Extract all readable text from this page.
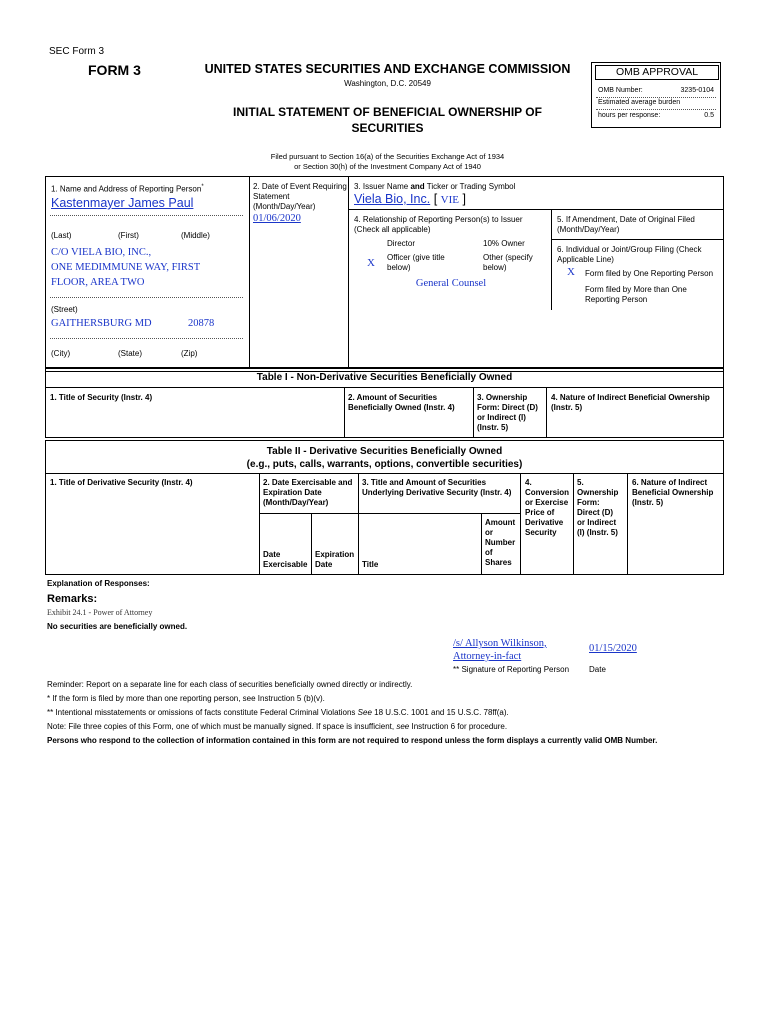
SEC Form 3
FORM 3	UNITED STATES SECURITIES AND EXCHANGE COMMISSION
Washington, D.C. 20549
INITIAL STATEMENT OF BENEFICIAL OWNERSHIP OF
SECURITIES
Filed pursuant to Section 16(a) of the Securities Exchange Act of 1934
or Section 30(h) of the Investment Company Act of 1940
OMB APPROVAL
OMB Number:	3235-0104
Estimated average burden
hours per response:	0.5
1. Name and Address of Reporting Person*
Kastenmayer James Paul
(Last)	(First)	(Middle)
C/O VIELA BIO, INC.,
ONE MEDIMMUNE WAY, FIRST
FLOOR, AREA TWO
(Street)
GAITHERSBURG MD	20878
(City)	(State)	(Zip)
2. Date of Event Requiring
Statement
(Month/Day/Year)
01/06/2020
3. Issuer Name and Ticker or Trading Symbol
Viela Bio, Inc. [ VIE ]
4. Relationship of Reporting Person(s) to Issuer
(Check all applicable)
Director	10% Owner
X Officer (give title
below)
Other (specify
below)
General Counsel
5. If Amendment, Date of Original Filed
(Month/Day/Year)
6. Individual or Joint/Group Filing (Check
Applicable Line)
X Form filed by One Reporting Person
Form filed by More than One
Reporting Person
Table I - Non-Derivative Securities Beneficially Owned
1. Title of Security (Instr. 4)	2. Amount of Securities
Beneficially Owned (Instr. 4)
3. Ownership
Form: Direct (D)
or Indirect (I)
(Instr. 5)
4. Nature of Indirect Beneficial Ownership
(Instr. 5)
Table II - Derivative Securities Beneficially Owned
(e.g., puts, calls, warrants, options, convertible securities)
1. Title of Derivative Security (Instr. 4)	2. Date Exercisable and
Expiration Date
(Month/Day/Year)
3. Title and Amount of Securities
Underlying Derivative Security (Instr. 4)
4.
Conversion
or Exercise
Price of
Derivative
Security
5.
Ownership
Form:
Direct (D)
or Indirect
(I) (Instr. 5)
6. Nature of Indirect
Beneficial Ownership
(Instr. 5)
Date
Exercisable
Expiration
Date	Title
Amount
or
Number
of
Shares
Explanation of Responses:
Remarks:
Exhibit 24.1 - Power of Attorney
No securities are beneficially owned.
/s/ Allyson Wilkinson,
Attorney-in-fact
01/15/2020
** Signature of Reporting Person Date
Reminder: Report on a separate line for each class of securities beneficially owned directly or indirectly.
* If the form is filed by more than one reporting person, see Instruction 5 (b)(v).
** Intentional misstatements or omissions of facts constitute Federal Criminal Violations See 18 U.S.C. 1001 and 15 U.S.C. 78ff(a).
Note: File three copies of this Form, one of which must be manually signed. If space is insufficient, see Instruction 6 for procedure.
Persons who respond to the collection of information contained in this form are not required to respond unless the form displays a currently valid OMB Number.
